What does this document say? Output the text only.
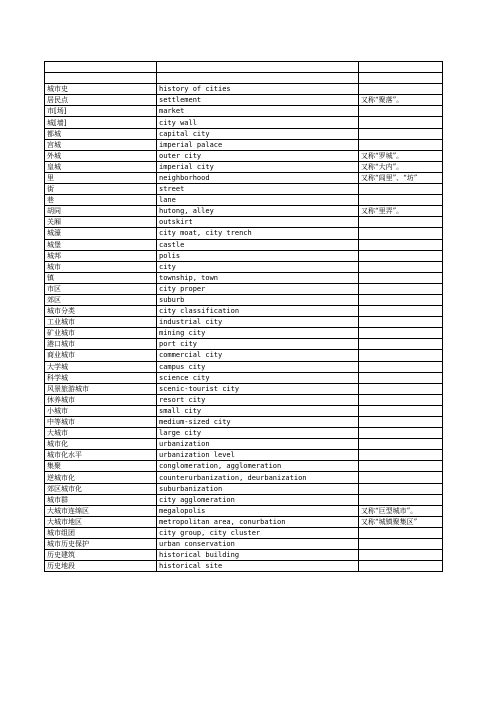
城市史	history of cities	
居民点	settlement	又称“聚落”。
市[场]	market	
城[墙]	city wall	
都城	capital city	
宫城	imperial palace	
外城	outer city	又称“罗城”。
皇城	imperial city	又称“大内”。
里	neighborhood	又称“闾里”、“坊”
街	street	
巷	lane	
胡同	hutong, alley	又称“里弄”。
关厢	outskirt	
城濠	city moat, city trench	
城堡	castle	
城邦	polis	
城市	city	
镇	township, town	
市区	city proper	
郊区	suburb	
城市分类	city classification	
工业城市	industrial city	
矿业城市	mining city	
港口城市	port city	
商业城市	commercial city	
大学城	campus city	
科学城	science city	
风景旅游城市	scenic-tourist city	
休养城市	resort city	
小城市	small city	
中等城市	medium-sized city	
大城市	large city	
城市化	urbanization	
城市化水平	urbanization level	
集聚	conglomeration, agglomeration	
逆城市化	counterurbanization, deurbanization	
郊区城市化	suburbanization	
城市群	city agglomeration	
大城市连绵区	megalopolis	又称“巨型城市”。
大城市地区	metropolitan area, conurbation	又称“城镇聚集区”
城市组团	city group, city cluster	
城市历史保护	urban conservation	
历史建筑	historical building	
历史地段	historical site	
